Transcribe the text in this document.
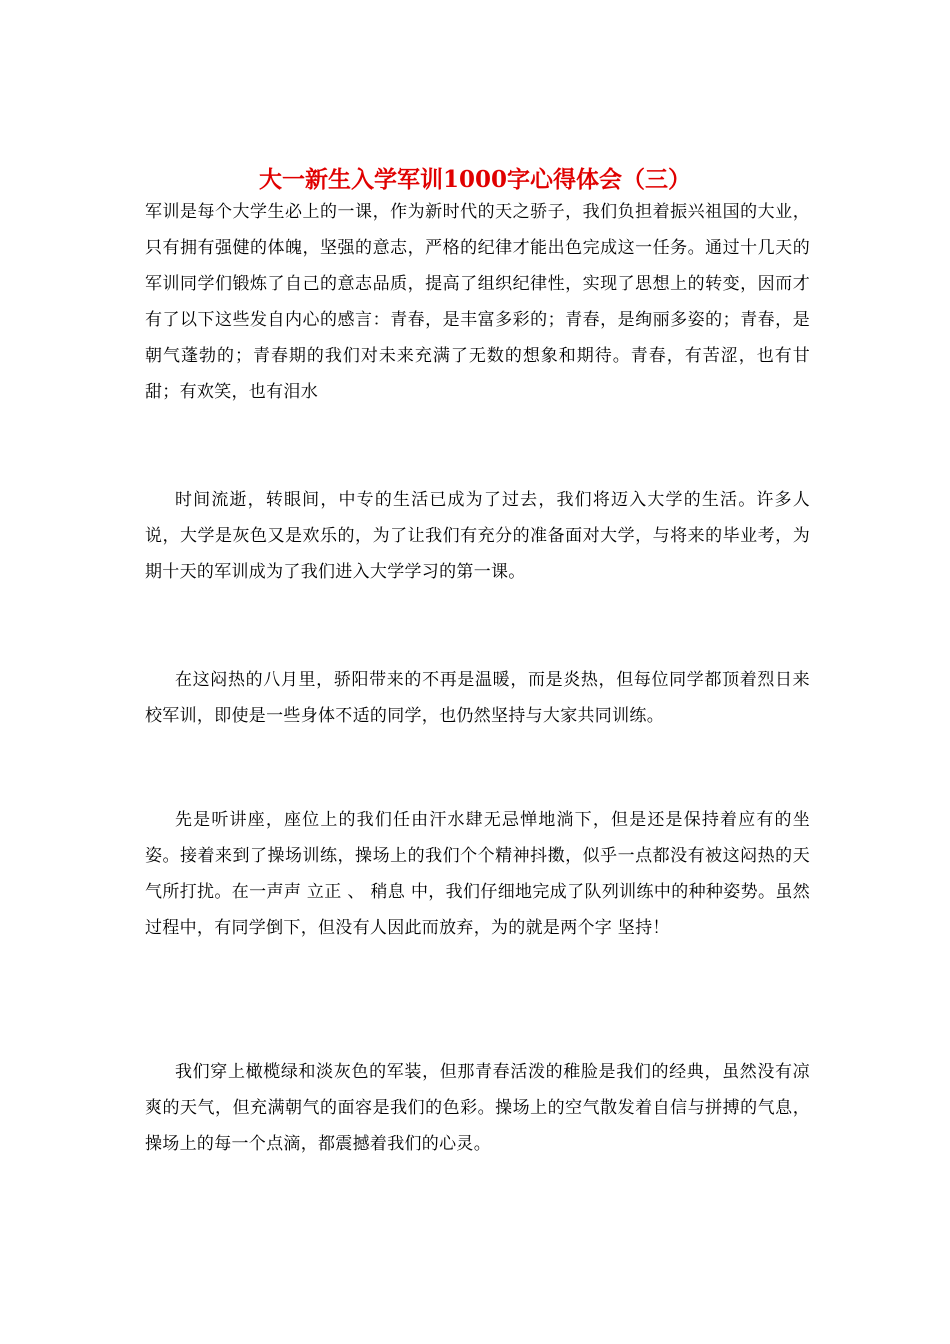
大一新生入学军训1000字心得体会（三）

军训是每个大学生必上的一课，作为新时代的天之骄子，我们负担着振兴祖国的大业，只有拥有强健的体魄，坚强的意志，严格的纪律才能出色完成这一任务。通过十几天的军训同学们锻炼了自己的意志品质，提高了组织纪律性，实现了思想上的转变，因而才有了以下这些发自内心的感言：青春，是丰富多彩的；青春，是绚丽多姿的；青春，是朝气蓬勃的；青春期的我们对未来充满了无数的想象和期待。青春，有苦涩，也有甘甜；有欢笑，也有泪水

时间流逝，转眼间，中专的生活已成为了过去，我们将迈入大学的生活。许多人说，大学是灰色又是欢乐的，为了让我们有充分的准备面对大学，与将来的毕业考，为期十天的军训成为了我们进入大学学习的第一课。

在这闷热的八月里，骄阳带来的不再是温暖，而是炎热，但每位同学都顶着烈日来校军训，即使是一些身体不适的同学，也仍然坚持与大家共同训练。

先是听讲座，座位上的我们任由汗水肆无忌惮地淌下，但是还是保持着应有的坐姿。接着来到了操场训练，操场上的我们个个精神抖擞，似乎一点都没有被这闷热的天气所打扰。在一声声 立正 、 稍息 中，我们仔细地完成了队列训练中的种种姿势。虽然过程中，有同学倒下，但没有人因此而放弃，为的就是两个字 坚持！

我们穿上橄榄绿和淡灰色的军装，但那青春活泼的稚脸是我们的经典，虽然没有凉爽的天气，但充满朝气的面容是我们的色彩。操场上的空气散发着自信与拼搏的气息，操场上的每一个点滴，都震撼着我们的心灵。
